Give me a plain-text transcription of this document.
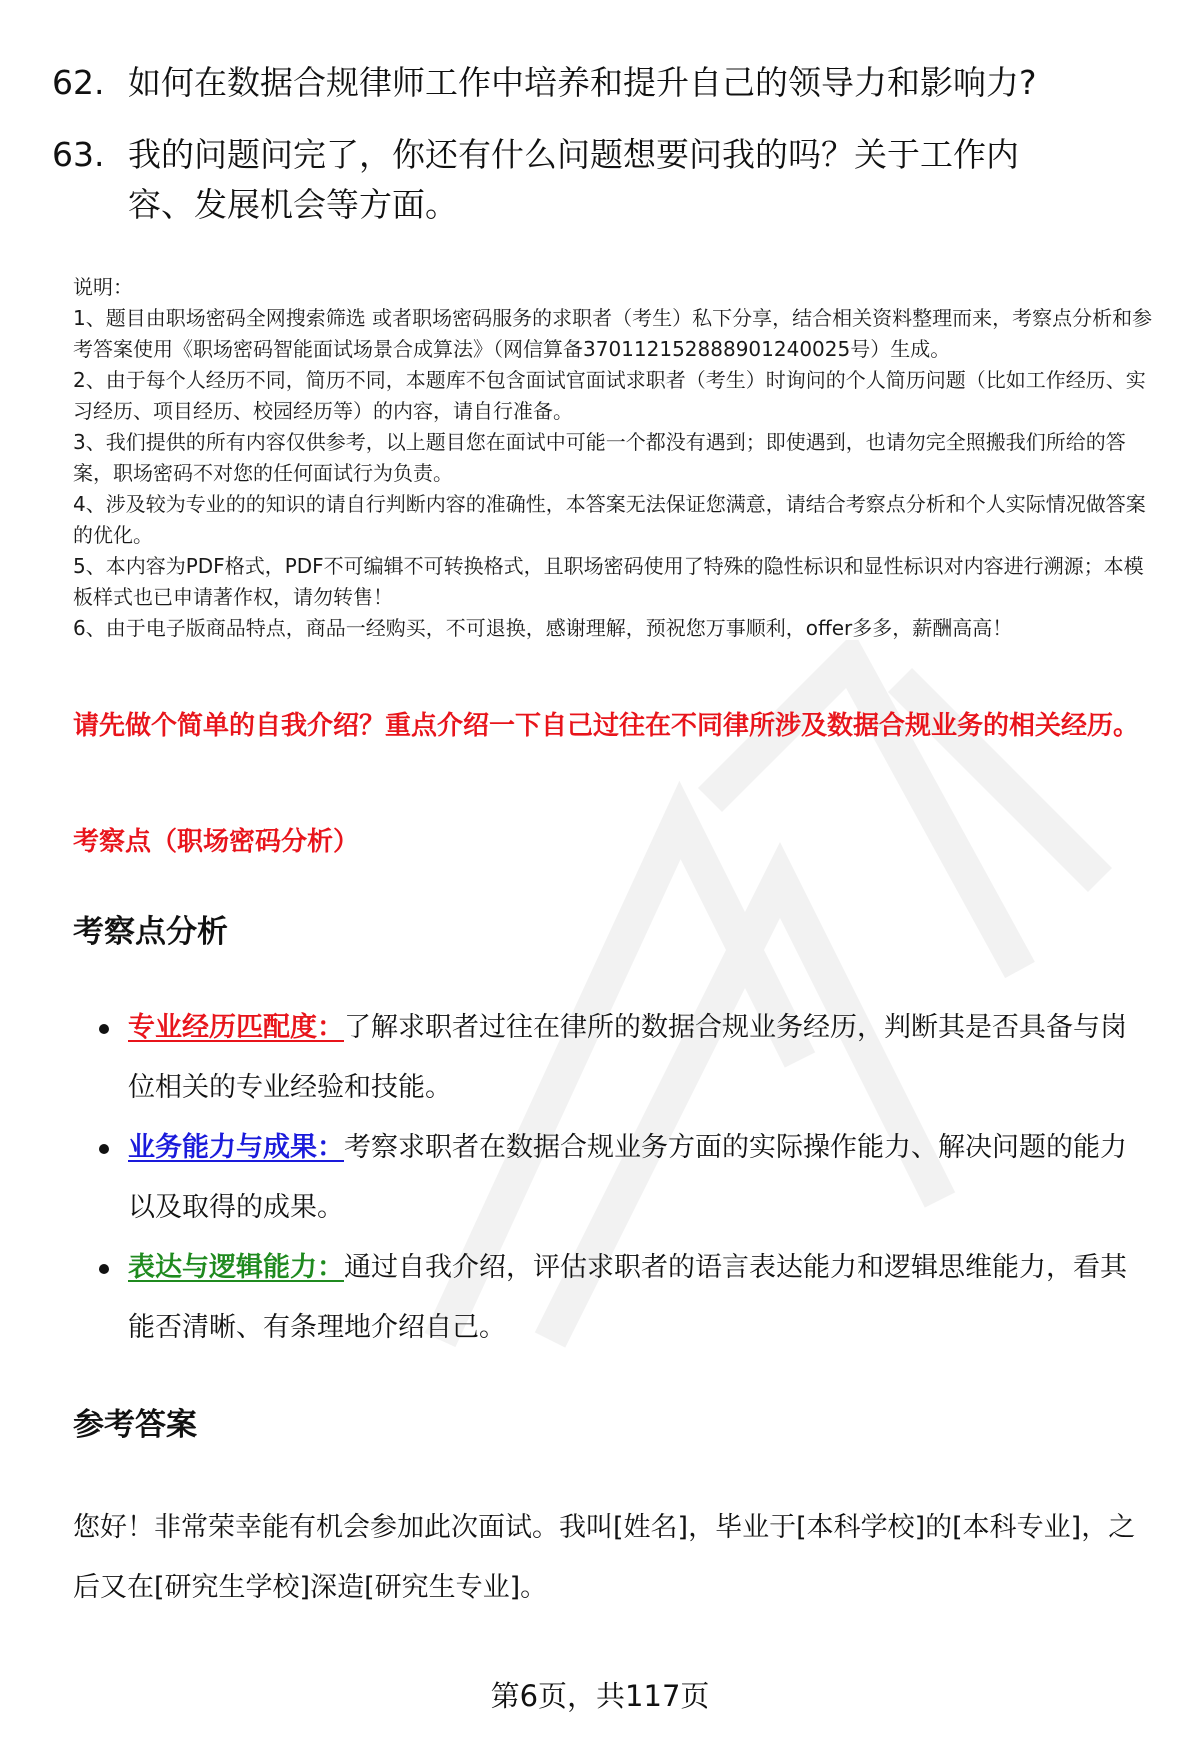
62. 如何在数据合规律师工作中培养和提升自己的领导力和影响力?
63. 我的问题问完了，你还有什么问题想要问我的吗？关于工作内容、发展机会等方面。

说明：

1、题目由职场密码全网搜索筛选 或者职场密码服务的求职者（考生）私下分享，结合相关资料整理而来，考察点分析和参考答案使用《职场密码智能面试场景合成算法》（网信算备370112152888901240025号）生成。

2、由于每个人经历不同，简历不同，本题库不包含面试官面试求职者（考生）时询问的个人简历问题（比如工作经历、实习经历、项目经历、校园经历等）的内容，请自行准备。

3、我们提供的所有内容仅供参考，以上题目您在面试中可能一个都没有遇到；即使遇到，也请勿完全照搬我们所给的答案，职场密码不对您的任何面试行为负责。

4、涉及较为专业的的知识的请自行判断内容的准确性，本答案无法保证您满意，请结合考察点分析和个人实际情况做答案的优化。

5、本内容为PDF格式，PDF不可编辑不可转换格式，且职场密码使用了特殊的隐性标识和显性标识对内容进行溯源；本模板样式也已申请著作权，请勿转售！

6、由于电子版商品特点，商品一经购买，不可退换，感谢理解，预祝您万事顺利，offer多多，薪酬高高！

请先做个简单的自我介绍？重点介绍一下自己过往在不同律所涉及数据合规业务的相关经历。
考察点（职场密码分析）
考察点分析
专业经历匹配度：了解求职者过往在律所的数据合规业务经历，判断其是否具备与岗位相关的专业经验和技能。
业务能力与成果：考察求职者在数据合规业务方面的实际操作能力、解决问题的能力以及取得的成果。
表达与逻辑能力：通过自我介绍，评估求职者的语言表达能力和逻辑思维能力，看其能否清晰、有条理地介绍自己。
参考答案
您好！非常荣幸能有机会参加此次面试。我叫[姓名]，毕业于[本科学校]的[本科专业]，之后又在[研究生学校]深造[研究生专业]。
第6页，共117页
